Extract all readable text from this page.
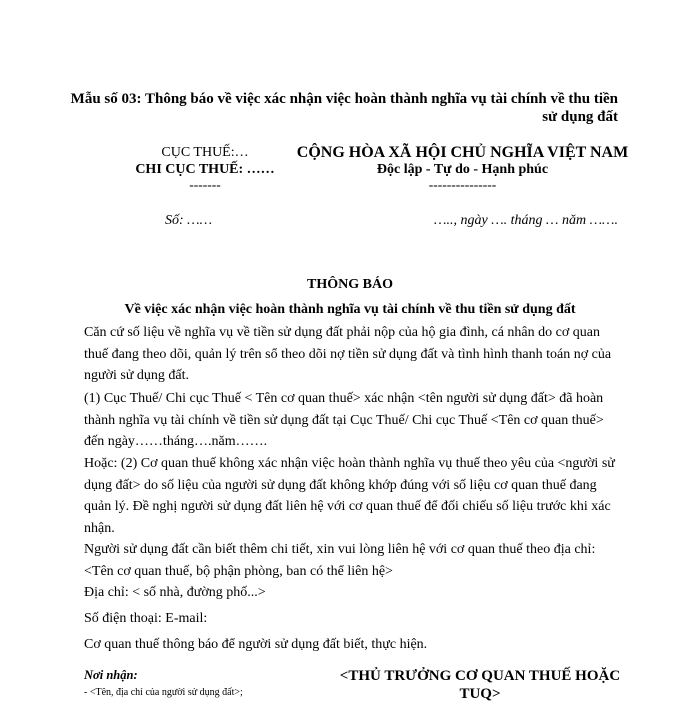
Mẫu số 03: Thông báo về việc xác nhận việc hoàn thành nghĩa vụ tài chính về thu tiền sử dụng đất
CỤC THUẾ:…
CHI CỤC THUẾ: ……
-------
CỘNG HÒA XÃ HỘI CHỦ NGHĨA VIỆT NAM
Độc lập - Tự do - Hạnh phúc
---------------
Số: ……	….., ngày …. tháng … năm …….
THÔNG BÁO
Về việc xác nhận việc hoàn thành nghĩa vụ tài chính về thu tiền sử dụng đất
Căn cứ số liệu về nghĩa vụ về tiền sử dụng đất phải nộp của hộ gia đình, cá nhân do cơ quan thuế đang theo dõi, quản lý trên sổ theo dõi nợ tiền sử dụng đất và tình hình thanh toán nợ của người sử dụng đất.
(1) Cục Thuế/ Chi cục Thuế < Tên cơ quan thuế> xác nhận <tên người sử dụng đất> đã hoàn thành nghĩa vụ tài chính về tiền sử dụng đất tại Cục Thuế/ Chi cục Thuế <Tên cơ quan thuế> đến ngày……tháng….năm…….
Hoặc: (2) Cơ quan thuế không xác nhận việc hoàn thành nghĩa vụ thuế theo yêu của <người sử dụng đất> do số liệu của người sử dụng đất không khớp đúng với số liệu cơ quan thuế đang quản lý. Đề nghị người sử dụng đất liên hệ với cơ quan thuế để đối chiếu số liệu trước khi xác nhận.
Người sử dụng đất cần biết thêm chi tiết, xin vui lòng liên hệ với cơ quan thuế theo địa chỉ: <Tên cơ quan thuế, bộ phận phòng, ban có thể liên hệ>
Địa chỉ: < số nhà, đường phố...>
Số điện thoại: E-mail:
Cơ quan thuế thông báo để người sử dụng đất biết, thực hiện.
Nơi nhận:
- <Tên, địa chỉ của người sử dụng đất>;
<THỦ TRƯỞNG CƠ QUAN THUẾ HOẶC TUQ>
